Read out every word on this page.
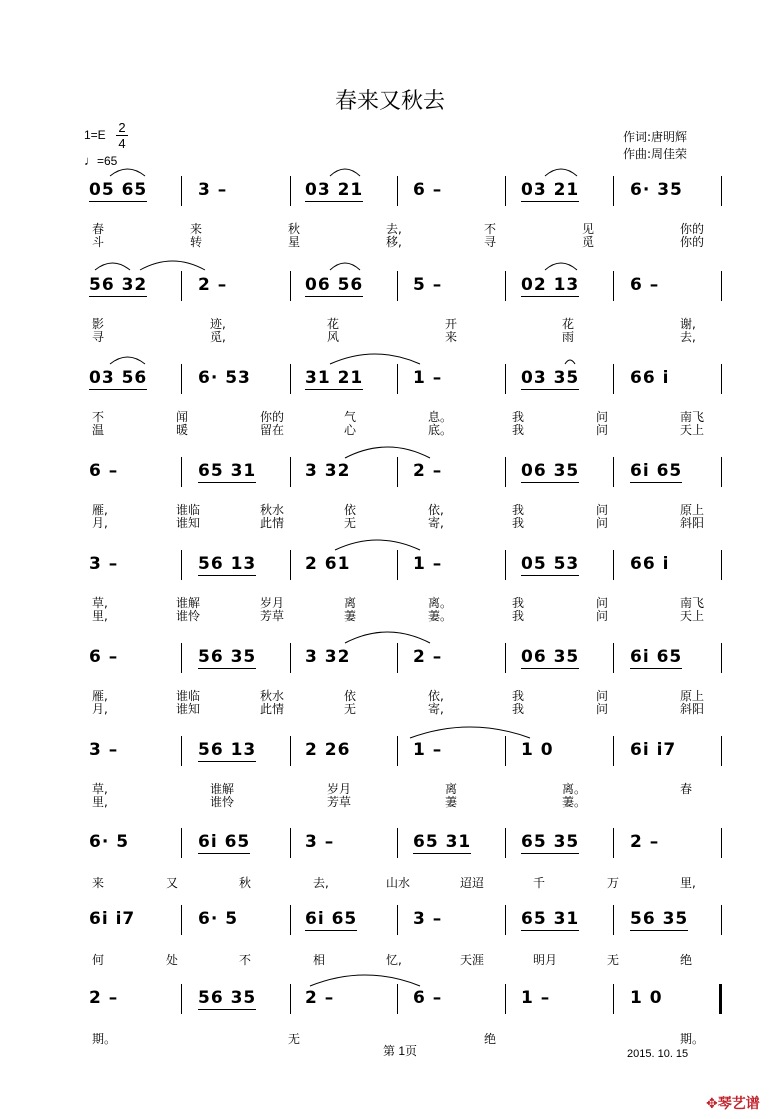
春来又秋去
1=E 2
4
♩=65
作词:唐明辉
作曲:周佳荣
05 65	3 –	03 21	6 –	03 21	6· 35
春	来	秋	去,	不	见	你的
斗	转	星	移,	寻	觅	你的
56 32	2 –	06 56	5 –	02 13	6 –
影	迹,	花	开	花	谢,
寻	觅,	风	来	雨	去,
03 56	6· 53	31 21	1 –	03 35	66 i
不	闻	你的	气	息。	我	问	南飞
温	暖	留在	心	底。	我	问	天上
6 –	65 31	3 32	2 –	06 35	6i 65
雁,	谁临	秋水	依	依,	我	问	原上
月,	谁知	此情	无	寄,	我	问	斜阳
3 –	56 13	2 61	1 –	05 53	66 i
草,	谁解	岁月	离	离。	我	问	南飞
里,	谁怜	芳草	萋	萋。	我	问	天上
6 –	56 35	3 32	2 –	06 35	6i 65
雁,	谁临	秋水	依	依,	我	问	原上
月,	谁知	此情	无	寄,	我	问	斜阳
3 –	56 13	2 26	1 –	1 0	6i i7
草,	谁解	岁月	离	离。	春
里,	谁怜	芳草	萋	萋。
6· 5	6i 65	3 –	65 31	65 35	2 –
来	又	秋	去,	山水	迢迢	千	万	里,
6i i7	6· 5	6i 65	3 –	65 31	56 35
何	处	不	相	忆,	天涯	明月	无	绝
2 –	56 35	2 –	6 –	1 –	1 0
期。	无	绝	期。
第 1页	2015. 10. 15
✥琴艺谱
